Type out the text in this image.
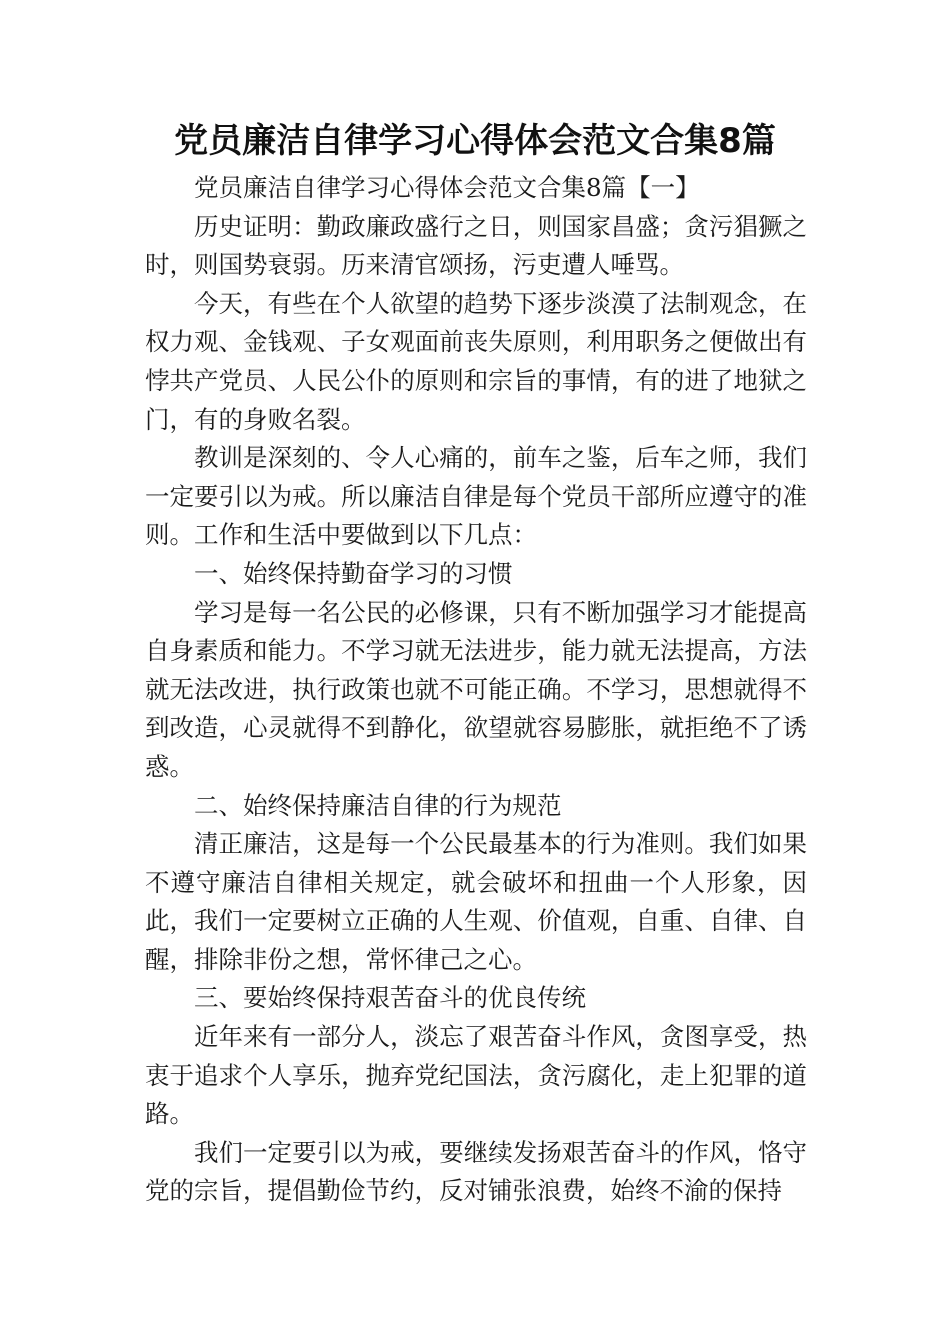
党员廉洁自律学习心得体会范文合集8篇

党员廉洁自律学习心得体会范文合集8篇【一】

历史证明：勤政廉政盛行之日，则国家昌盛；贪污猖獗之时，则国势衰弱。历来清官颂扬，污吏遭人唾骂。

今天，有些在个人欲望的趋势下逐步淡漠了法制观念，在权力观、金钱观、子女观面前丧失原则，利用职务之便做出有悖共产党员、人民公仆的原则和宗旨的事情，有的进了地狱之门，有的身败名裂。

教训是深刻的、令人心痛的，前车之鉴，后车之师，我们一定要引以为戒。所以廉洁自律是每个党员干部所应遵守的准则。工作和生活中要做到以下几点：

一、始终保持勤奋学习的习惯

学习是每一名公民的必修课，只有不断加强学习才能提高自身素质和能力。不学习就无法进步，能力就无法提高，方法就无法改进，执行政策也就不可能正确。不学习，思想就得不到改造，心灵就得不到静化，欲望就容易膨胀，就拒绝不了诱惑。

二、始终保持廉洁自律的行为规范

清正廉洁，这是每一个公民最基本的行为准则。我们如果不遵守廉洁自律相关规定，就会破坏和扭曲一个人形象，因此，我们一定要树立正确的人生观、价值观，自重、自律、自醒，排除非份之想，常怀律己之心。

三、要始终保持艰苦奋斗的优良传统

近年来有一部分人，淡忘了艰苦奋斗作风，贪图享受，热衷于追求个人享乐，抛弃党纪国法，贪污腐化，走上犯罪的道路。

我们一定要引以为戒，要继续发扬艰苦奋斗的作风，恪守党的宗旨，提倡勤俭节约，反对铺张浪费，始终不渝的保持
